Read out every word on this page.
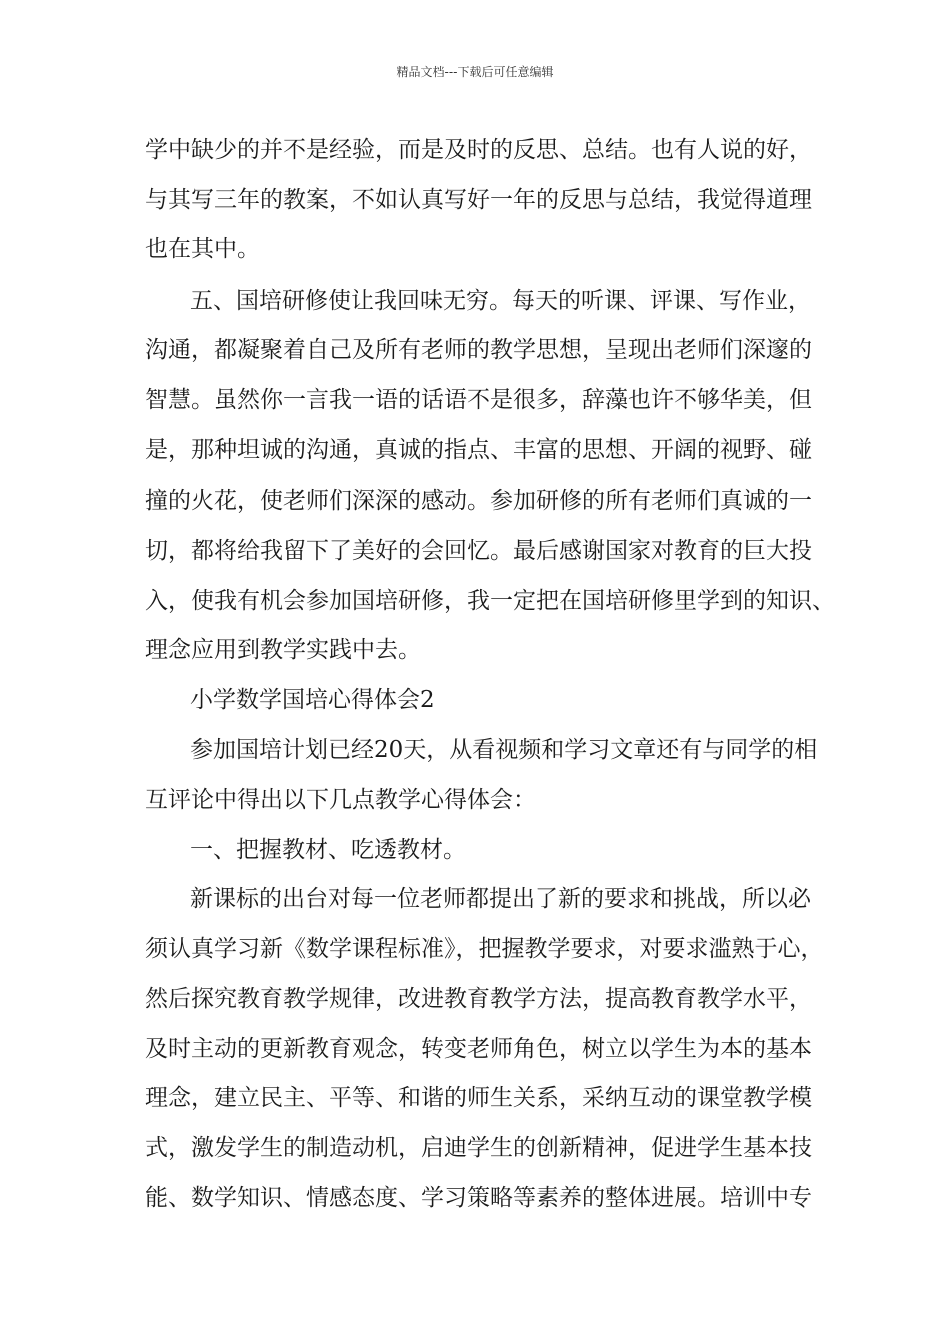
精品文档---下载后可任意编辑
学中缺少的并不是经验，而是及时的反思、总结。也有人说的好，
与其写三年的教案，不如认真写好一年的反思与总结，我觉得道理
也在其中。
五、国培研修使让我回味无穷。每天的听课、评课、写作业，
沟通，都凝聚着自己及所有老师的教学思想，呈现出老师们深邃的
智慧。虽然你一言我一语的话语不是很多，辞藻也许不够华美，但
是，那种坦诚的沟通，真诚的指点、丰富的思想、开阔的视野、碰
撞的火花，使老师们深深的感动。参加研修的所有老师们真诚的一
切，都将给我留下了美好的会回忆。最后感谢国家对教育的巨大投
入，使我有机会参加国培研修，我一定把在国培研修里学到的知识、
理念应用到教学实践中去。
小学数学国培心得体会2
参加国培计划已经20天，从看视频和学习文章还有与同学的相
互评论中得出以下几点教学心得体会：
一、把握教材、吃透教材。
新课标的出台对每一位老师都提出了新的要求和挑战，所以必
须认真学习新《数学课程标准》，把握教学要求，对要求滥熟于心，
然后探究教育教学规律，改进教育教学方法，提高教育教学水平，
及时主动的更新教育观念，转变老师角色，树立以学生为本的基本
理念，建立民主、平等、和谐的师生关系，采纳互动的课堂教学模
式，激发学生的制造动机，启迪学生的创新精神，促进学生基本技
能、数学知识、情感态度、学习策略等素养的整体进展。培训中专
